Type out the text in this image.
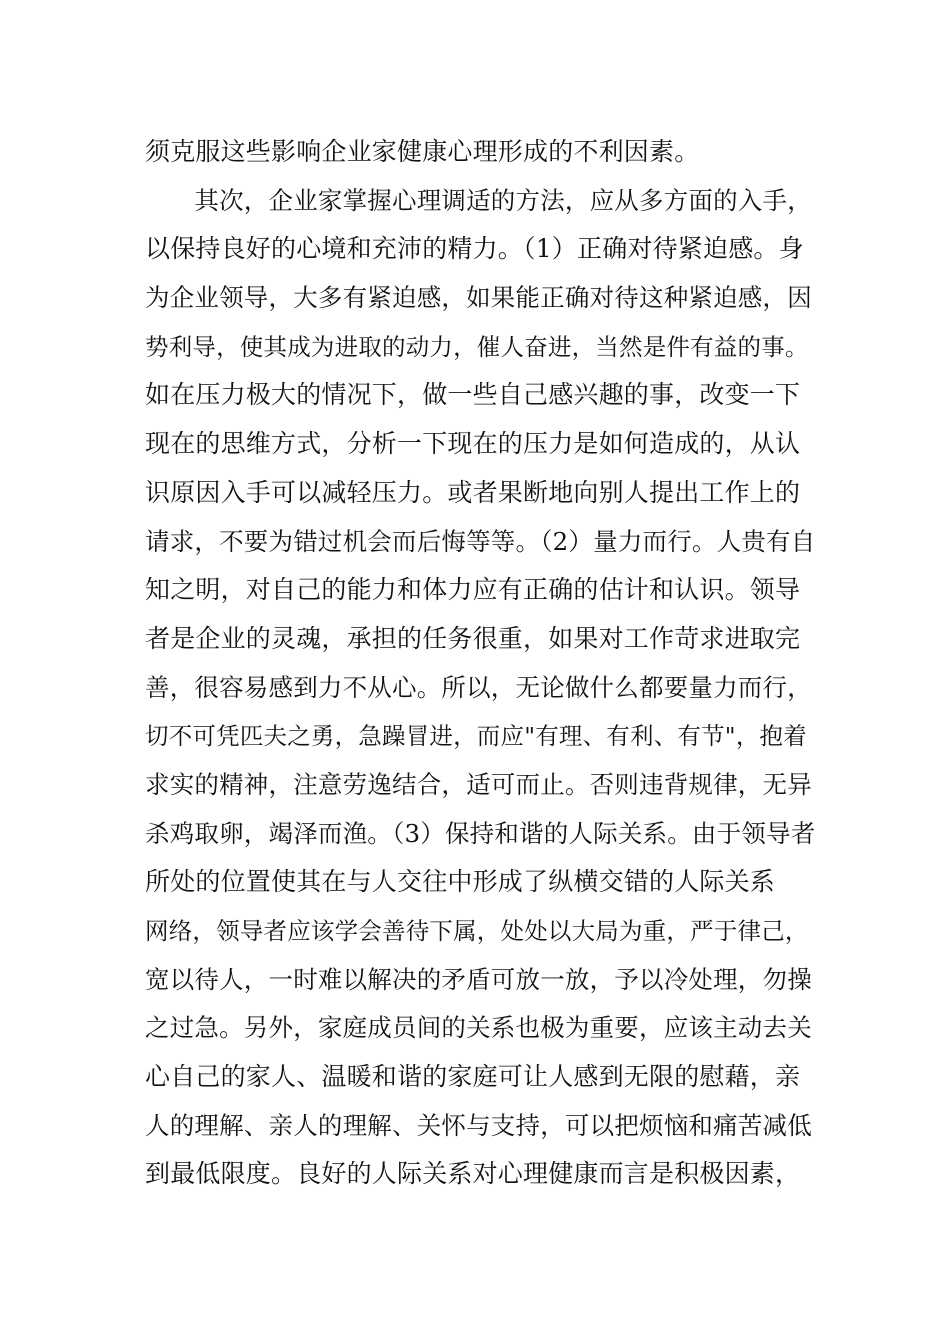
须克服这些影响企业家健康心理形成的不利因素。
　　其次，企业家掌握心理调适的方法，应从多方面的入手，
以保持良好的心境和充沛的精力。（1）正确对待紧迫感。身
为企业领导，大多有紧迫感，如果能正确对待这种紧迫感，因
势利导，使其成为进取的动力，催人奋进，当然是件有益的事。
如在压力极大的情况下，做一些自己感兴趣的事，改变一下
现在的思维方式，分析一下现在的压力是如何造成的，从认
识原因入手可以减轻压力。或者果断地向别人提出工作上的
请求，不要为错过机会而后悔等等。（2）量力而行。人贵有自
知之明，对自己的能力和体力应有正确的估计和认识。领导
者是企业的灵魂，承担的任务很重，如果对工作苛求进取完
善，很容易感到力不从心。所以，无论做什么都要量力而行，
切不可凭匹夫之勇，急躁冒进，而应"有理、有利、有节"，抱着
求实的精神，注意劳逸结合，适可而止。否则违背规律，无异
杀鸡取卵，竭泽而渔。（3）保持和谐的人际关系。由于领导者
所处的位置使其在与人交往中形成了纵横交错的人际关系
网络，领导者应该学会善待下属，处处以大局为重，严于律己，
宽以待人，一时难以解决的矛盾可放一放，予以冷处理，勿操
之过急。另外，家庭成员间的关系也极为重要，应该主动去关
心自己的家人、温暖和谐的家庭可让人感到无限的慰藉，亲
人的理解、亲人的理解、关怀与支持，可以把烦恼和痛苦减低
到最低限度。良好的人际关系对心理健康而言是积极因素，
